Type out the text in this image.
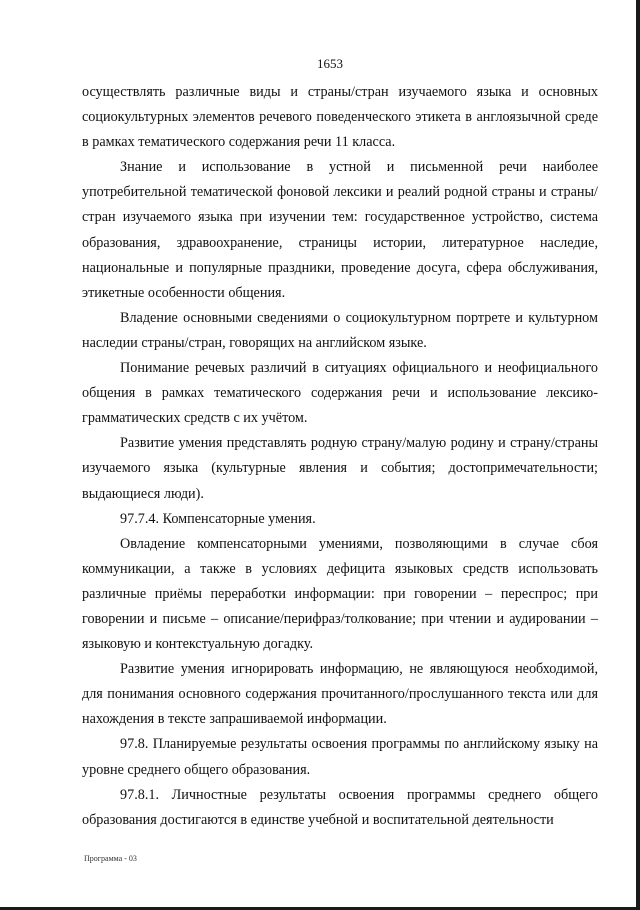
1653

осуществлять различные виды и страны/стран изучаемого языка и основных социокультурных элементов речевого поведенческого этикета в англоязычной среде в рамках тематического содержания речи 11 класса.

Знание и использование в устной и письменной речи наиболее употребительной тематической фоновой лексики и реалий родной страны и страны/стран изучаемого языка при изучении тем: государственное устройство, система образования, здравоохранение, страницы истории, литературное наследие, национальные и популярные праздники, проведение досуга, сфера обслуживания, этикетные особенности общения.

Владение основными сведениями о социокультурном портрете и культурном наследии страны/стран, говорящих на английском языке.

Понимание речевых различий в ситуациях официального и неофициального общения в рамках тематического содержания речи и использование лексико-грамматических средств с их учётом.

Развитие умения представлять родную страну/малую родину и страну/страны изучаемого языка (культурные явления и события; достопримечательности; выдающиеся люди).

97.7.4. Компенсаторные умения.

Овладение компенсаторными умениями, позволяющими в случае сбоя коммуникации, а также в условиях дефицита языковых средств использовать различные приёмы переработки информации: при говорении – переспрос; при говорении и письме – описание/перифраз/толкование; при чтении и аудировании – языковую и контекстуальную догадку.

Развитие умения игнорировать информацию, не являющуюся необходимой, для понимания основного содержания прочитанного/прослушанного текста или для нахождения в тексте запрашиваемой информации.

97.8. Планируемые результаты освоения программы по английскому языку на уровне среднего общего образования.

97.8.1. Личностные результаты освоения программы среднего общего образования достигаются в единстве учебной и воспитательной деятельности

Программа - 03
